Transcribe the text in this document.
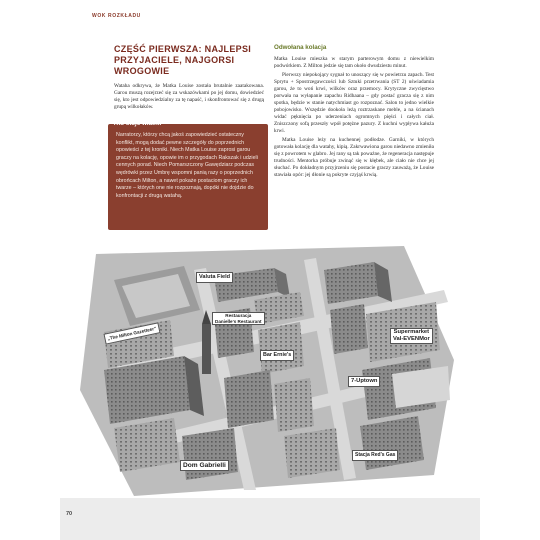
WOK ROZKŁADU
CZĘŚĆ PIERWSZA: NAJLEPSI PRZYJACIELE, NAJGORSI WROGOWIE

Wataha odkrywa, że Matka Louise została brutalnie zaatakowana. Garou muszą rozejrzeć się za wskazówkami po jej domu, dowiedzieć się, kto jest odpowiedzialny za tę napaść, i skonfrontować się z drugą grupą wilkołaków.

Kto stoje wiatr...
Narratorzy, którzy chcą jakoś zapowiedzieć ostateczny konflikt, mogą dodać pewne szczegóły do poprzednich opowieści z tej kroniki. Niech Matka Louise zaprosi garou graczy na kolację, opowie im o przygodach Rakszak i udzieli cennych porad. Niech Pomarszczony Gawędziarz podczas wędrówki przez Umbrę wspomni panią razy o poprzednich obrońcach Milton, a nawet pokaże postaciom graczy ich twarze – których one nie rozpoznają, dopóki nie dojdzie do konfrontacji z drugą watahą.
Odwołana kolacja

Matka Louise mieszka w starym parterowym domu z niewielkim podwórkiem. Z Milton jedzie się tam około dwudziestu minut.

Pierwszy niepokojący sygnał to unoszący się w powietrzu zapach. Test Sprytu + Spostrzegawczości lub Sztuki przetrwania (ST 2) uświadamia garou, że to woń krwi, wilków oraz przemocy. Krytyczne zwycięstwo porwała na wyłapanie zapachu Ridhaana – gdy postać gracza się z nim spotka, będzie w stanie natychmiast go rozpoznać. Salon to jedno wielkie pobojowisko. Wszędzie dookoła leżą roztrzaskane meble, a na ścianach widać pęknięcia po uderzeniach ogromnych pięści i całych ciał. Zniszczony sofą przeszły wpół potężne pazury. Z kuchni wypływa kałuża krwi.

Matka Louise leży na kuchennej podłodze. Garniki, w których gotowała kolację dla watahy, kipią. Zakrwawiona garou niedawno zmieniła się z powrotem w glabro. Jej rany są tak poważne, że regeneracja następuje trudności. Mentorka próbuje zwinąć się w kłębek, ale ciało nie chce jej słuchać. Po dokładnym przyjrzeniu się postacie graczy zauważą, że Louise stawiała opór: jej dłonie są pokryte czyjąś krwią.

Valuta Field
Restauracja
Danielle's Restaurant
„The Milton Gazetteer"
Bar Ernie's
Supermarket
Val-EVENMor
7-Uptown
Dom Gabrielli
Stacja Red's Gas
70
